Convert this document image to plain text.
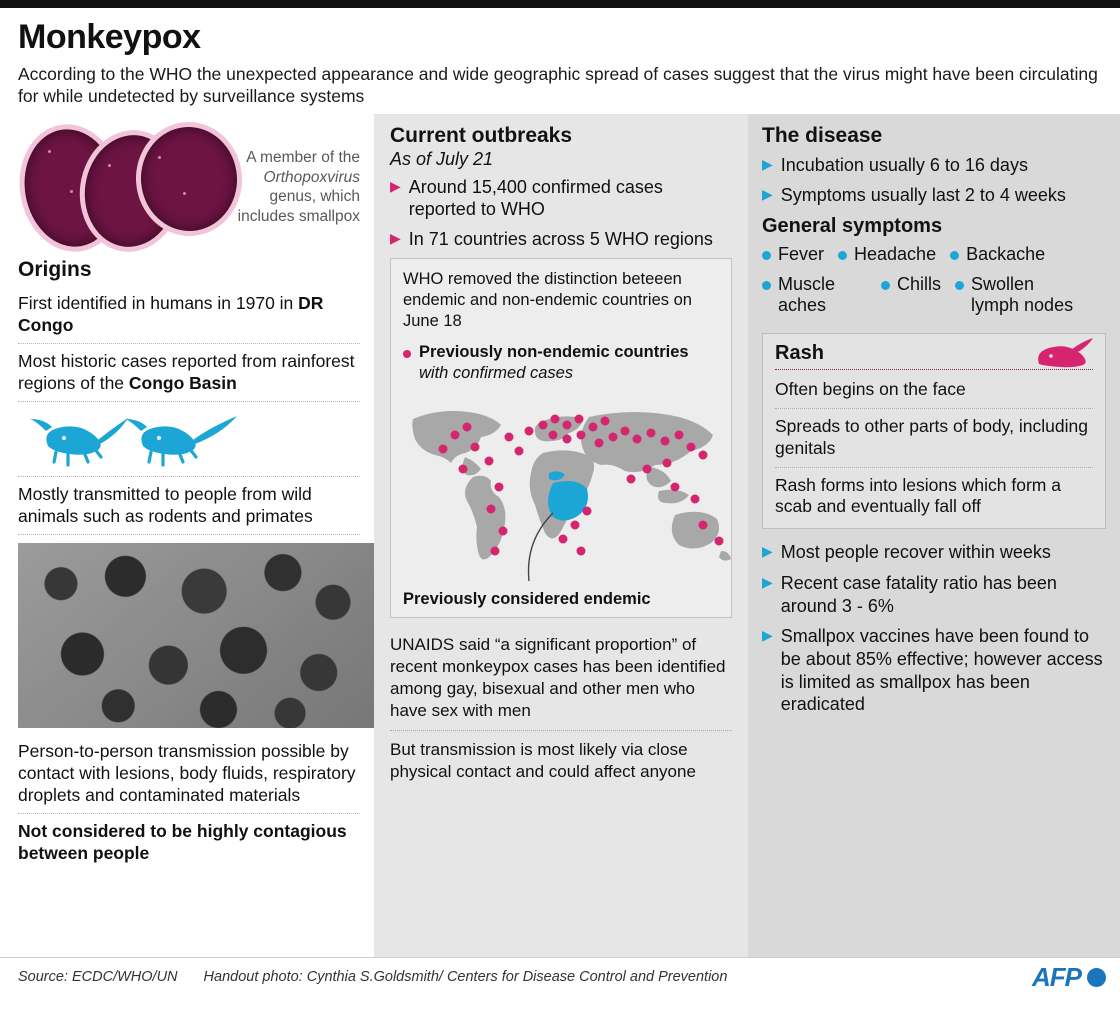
Monkeypox
According to the WHO the unexpected appearance and wide geographic spread of cases suggest that the virus might have been circulating for while undetected by surveillance systems
A member of the
Orthopoxvirus
genus, which
includes smallpox
Origins
First identified in humans in 1970 in DR Congo
Most historic cases reported from rainforest regions of the Congo Basin
Mostly transmitted to people from wild animals such as rodents and primates
Person-to-person transmission possible by contact with lesions, body fluids, respiratory droplets and contaminated materials
Not considered to be highly contagious between people
Current outbreaks
As of July 21
▶ Around 15,400 confirmed cases reported to WHO
▶ In 71 countries across 5 WHO regions
WHO removed the distinction beteeen endemic and non-endemic countries on June 18
Previously non-endemic countries
with confirmed cases
Previously considered endemic
UNAIDS said “a significant proportion” of recent monkeypox cases has been identified among gay, bisexual and other men who have sex with men
But transmission is most likely via close physical contact and could affect anyone
The disease
▶ Incubation usually 6 to 16 days
▶ Symptoms usually last 2 to 4 weeks
General symptoms
Fever Headache Backache
Muscle aches
Chills Swollen lymph nodes
Rash
Often begins on the face
Spreads to other parts of body, including genitals
Rash forms into lesions which form a scab and eventually fall off
▶ Most people recover within weeks
▶ Recent case fatality ratio has been around 3 - 6%
▶ Smallpox vaccines have been found to be about 85% effective; however access is limited as smallpox has been eradicated
Source: ECDC/WHO/UN Handout photo: Cynthia S.Goldsmith/ Centers for Disease Control and Prevention	AFP
